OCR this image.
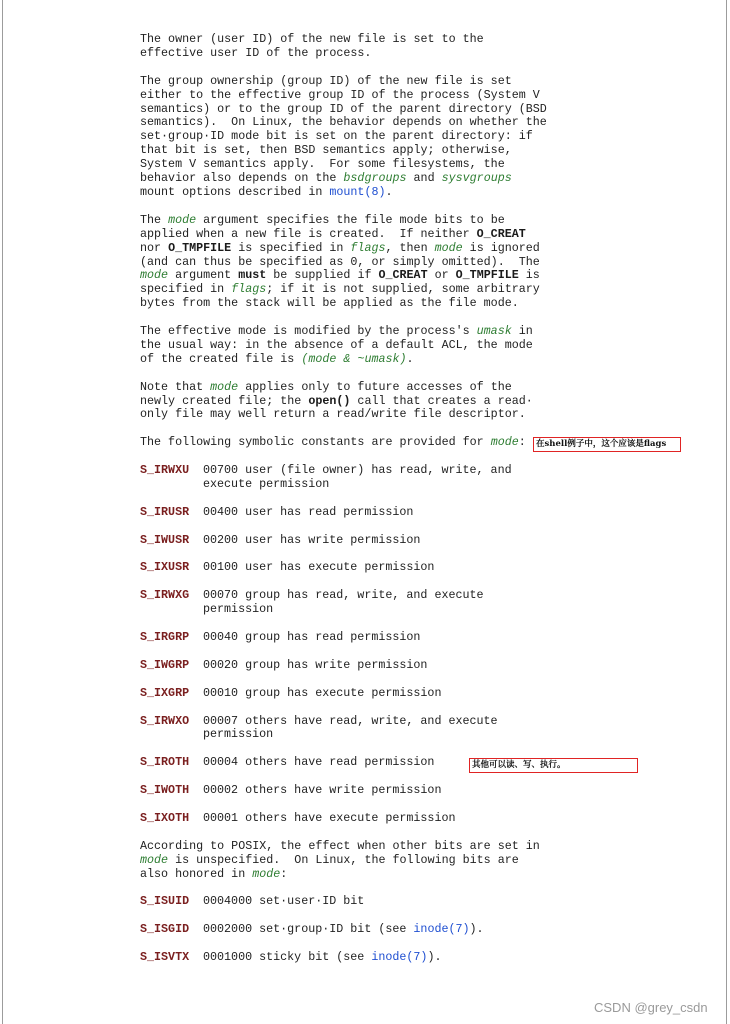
The owner (user ID) of the new file is set to the
effective user ID of the process.
The group ownership (group ID) of the new file is set
either to the effective group ID of the process (System V
semantics) or to the group ID of the parent directory (BSD
semantics).  On Linux, the behavior depends on whether the
set·group·ID mode bit is set on the parent directory: if
that bit is set, then BSD semantics apply; otherwise,
System V semantics apply.  For some filesystems, the
behavior also depends on the bsdgroups and sysvgroups
mount options described in mount(8).
The mode argument specifies the file mode bits to be
applied when a new file is created.  If neither O_CREAT
nor O_TMPFILE is specified in flags, then mode is ignored
(and can thus be specified as 0, or simply omitted).  The
mode argument must be supplied if O_CREAT or O_TMPFILE is
specified in flags; if it is not supplied, some arbitrary
bytes from the stack will be applied as the file mode.
The effective mode is modified by the process's umask in
the usual way: in the absence of a default ACL, the mode
of the created file is (mode & ~umask).
Note that mode applies only to future accesses of the
newly created file; the open() call that creates a read·
only file may well return a read/write file descriptor.
The following symbolic constants are provided for mode:
S_IRWXU	00700 user (file owner) has read, write, and
execute permission
S_IRUSR	00400 user has read permission
S_IWUSR	00200 user has write permission
S_IXUSR	00100 user has execute permission
S_IRWXG	00070 group has read, write, and execute
permission
S_IRGRP	00040 group has read permission
S_IWGRP	00020 group has write permission
S_IXGRP	00010 group has execute permission
S_IRWXO	00007 others have read, write, and execute
permission
S_IROTH	00004 others have read permission
S_IWOTH	00002 others have write permission
S_IXOTH	00001 others have execute permission
According to POSIX, the effect when other bits are set in
mode is unspecified.  On Linux, the following bits are
also honored in mode:
S_ISUID	0004000 set·user·ID bit
S_ISGID	0002000 set·group·ID bit (see inode(7)).
S_ISVTX	0001000 sticky bit (see inode(7)).
在shell例子中，这个应该是flags
其他可以读、写、执行。
CSDN @grey_csdn
